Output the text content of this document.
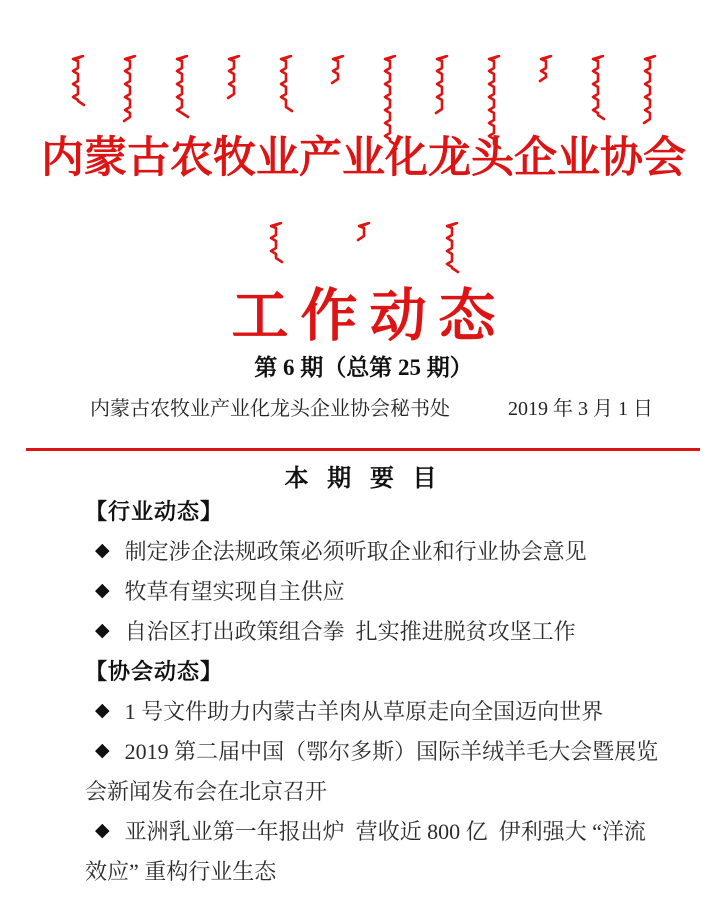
内蒙古农牧业产业化龙头企业协会
工作动态
第 6 期（总第 25 期）
内蒙古农牧业产业化龙头企业协会秘书处	2019 年 3 月 1 日
本 期 要 目
【行业动态】
◆ 制定涉企法规政策必须听取企业和行业协会意见
◆ 牧草有望实现自主供应
◆ 自治区打出政策组合拳  扎实推进脱贫攻坚工作
【协会动态】
◆ 1 号文件助力内蒙古羊肉从草原走向全国迈向世界
◆ 2019 第二届中国（鄂尔多斯）国际羊绒羊毛大会暨展览
会新闻发布会在北京召开
◆ 亚洲乳业第一年报出炉  营收近 800 亿  伊利强大 “洋流
效应” 重构行业生态
